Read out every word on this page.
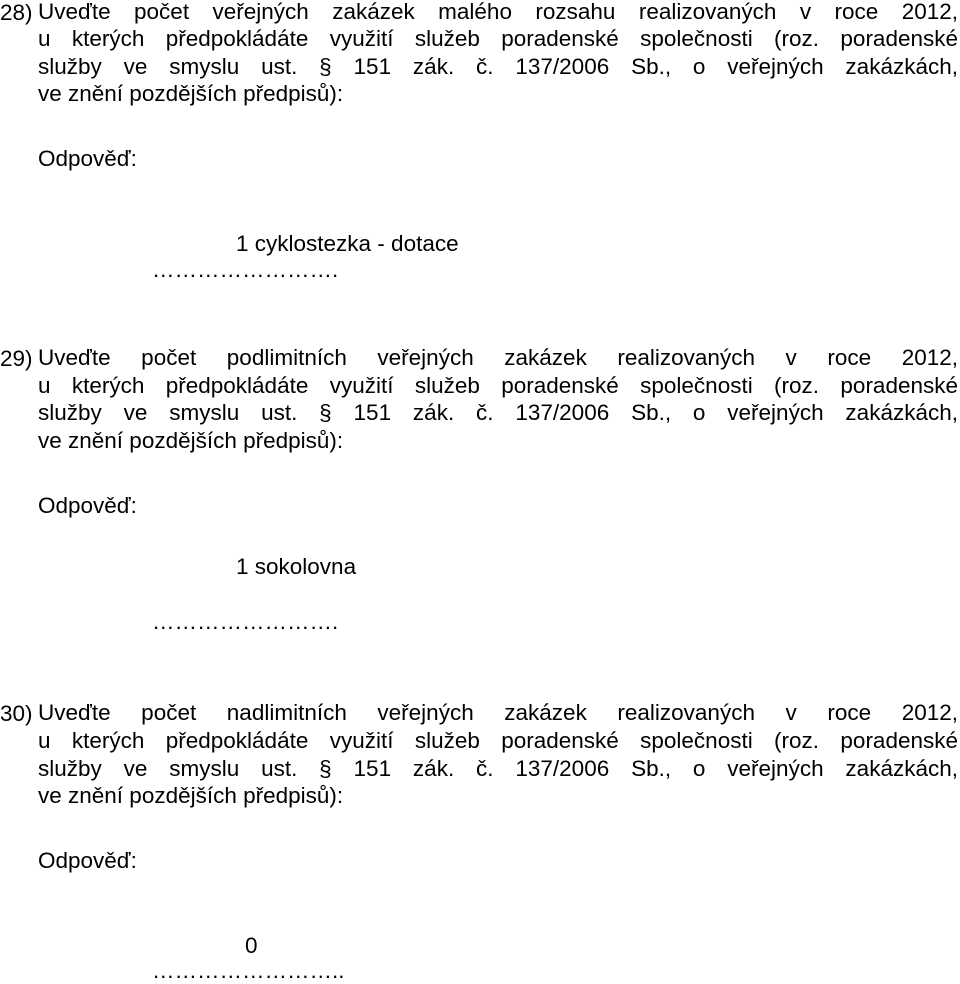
28) Uveďte počet veřejných zakázek malého rozsahu realizovaných v roce 2012,
u kterých předpokládáte využití služeb poradenské společnosti (roz. poradenské
služby ve smyslu ust. § 151 zák. č. 137/2006 Sb., o veřejných zakázkách,
ve znění pozdějších předpisů):
Odpověď:
1 cyklostezka - dotace
…………………….
29) Uveďte počet podlimitních veřejných zakázek realizovaných v roce 2012,
u kterých předpokládáte využití služeb poradenské společnosti (roz. poradenské
služby ve smyslu ust. § 151 zák. č. 137/2006 Sb., o veřejných zakázkách,
ve znění pozdějších předpisů):
Odpověď:
1 sokolovna
…………………….
30) Uveďte počet nadlimitních veřejných zakázek realizovaných v roce 2012,
u kterých předpokládáte využití služeb poradenské společnosti (roz. poradenské
služby ve smyslu ust. § 151 zák. č. 137/2006 Sb., o veřejných zakázkách,
ve znění pozdějších předpisů):
Odpověď:
0
……………………..
